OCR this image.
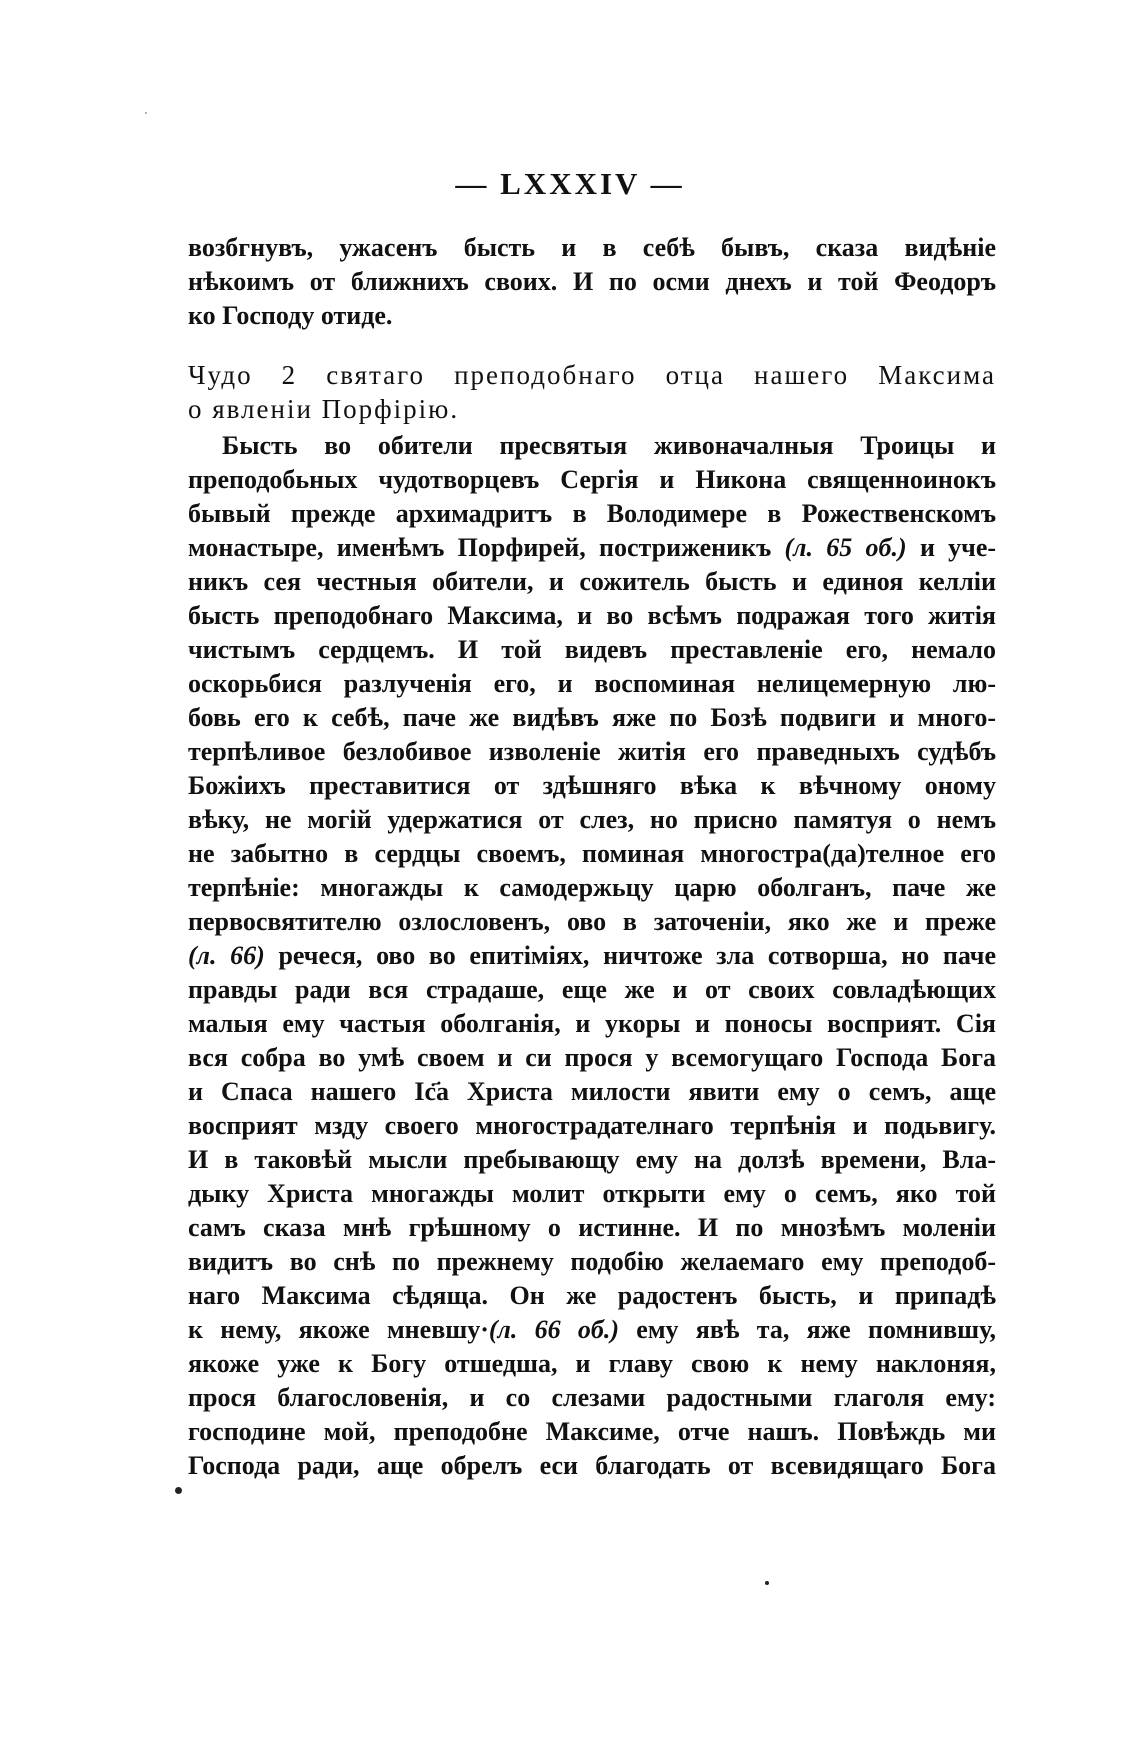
— LXXXIV —
возбгнувъ, ужасенъ бысть и в себѣ бывъ, сказа видѣніе
нѣкоимъ от ближнихъ своих. И по осми днехъ и той Феодоръ
ко Господу отиде.
Чудо 2 святаго преподобнаго отца нашего Максима
о явленіи Порфірію.
Бысть во обители пресвятыя живоначалныя Троицы и
преподобьных чудотворцевъ Сергія и Никона священноинокъ
бывый прежде архимадритъ в Володимере в Рожественскомъ
монастыре, именѣмъ Порфирей, постриженикъ (л. 65 об.) и уче-
никъ сея честныя обители, и сожитель бысть и единоя келліи
бысть преподобнаго Максима, и во всѣмъ подражая того житія
чистымъ сердцемъ. И той видевъ преставленіе его, немало
оскорьбися разлученія его, и воспоминая нелицемерную лю-
бовь его к себѣ, паче же видѣвъ яже по Бозѣ подвиги и много-
терпѣливое безлобивое изволеніе житія его праведныхъ судѣбъ
Божіихъ преставитися от здѣшняго вѣка к вѣчному оному
вѣку, не могій удержатися от слез, но присно памятуя о немъ
не забытно в сердцы своемъ, поминая многостра(да)телное его
терпѣніе: многажды к самодержьцу царю оболганъ, паче же
первосвятителю озлословенъ, ово в заточеніи, яко же и преже
(л. 66) речеся, ово во епитіміях, ничтоже зла сотворша, но паче
правды ради вся страдаше, еще же и от своих совладѣющих
малыя ему частыя оболганія, и укоры и поносы восприят. Сія
вся собра во умѣ своем и си прося у всемогущаго Господа Бога
и Спаса нашего Іс҃а Христа милости явити ему о семъ, аще
восприят мзду своего многострадателнаго терпѣнія и подьвигу.
И в таковѣй мысли пребывающу ему на долзѣ времени, Вла-
дыку Христа многажды молит открыти ему о семъ, яко той
самъ сказа мнѣ грѣшному о истинне. И по мнозѣмъ моленіи
видитъ во снѣ по прежнему подобію желаемаго ему преподоб-
наго Максима сѣдяща. Он же радостенъ бысть, и припадѣ
к нему, якоже мневшу·(л. 66 об.) ему явѣ та, яже помнившу,
якоже уже к Богу отшедша, и главу свою к нему наклоняя,
прося благословенія, и со слезами радостными глаголя ему:
господине мой, преподобне Максиме, отче нашъ. Повѣждь ми
Господа ради, аще обрелъ еси благодать от всевидящаго Бога
